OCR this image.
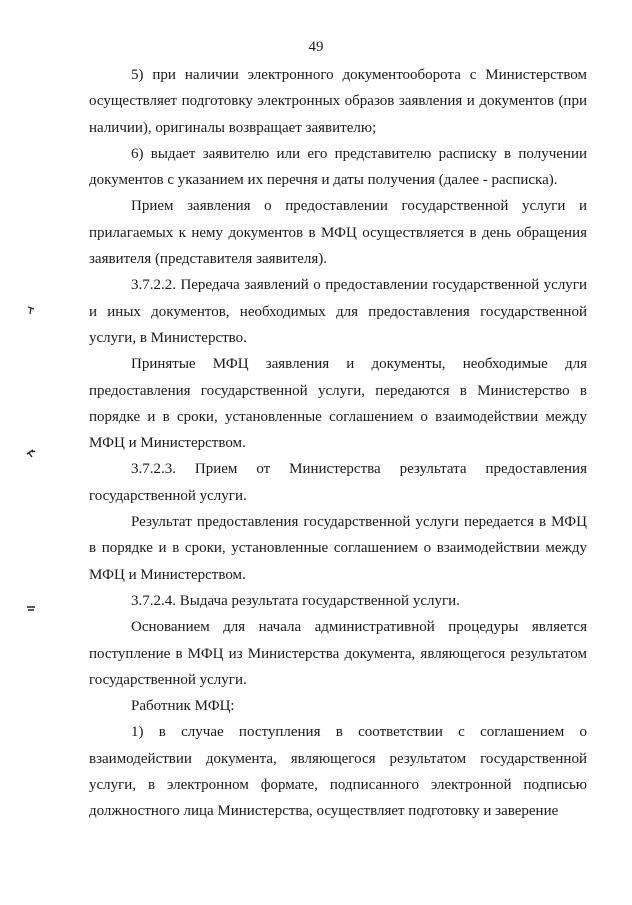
49

5) при наличии электронного документооборота с Министерством осуществляет подготовку электронных образов заявления и документов (при наличии), оригиналы возвращает заявителю;

6) выдает заявителю или его представителю расписку в получении документов с указанием их перечня и даты получения (далее - расписка).

Прием заявления о предоставлении государственной услуги и прилагаемых к нему документов в МФЦ осуществляется в день обращения заявителя (представителя заявителя).

3.7.2.2. Передача заявлений о предоставлении государственной услуги и иных документов, необходимых для предоставления государственной услуги, в Министерство.

Принятые МФЦ заявления и документы, необходимые для предоставления государственной услуги, передаются в Министерство в порядке и в сроки, установленные соглашением о взаимодействии между МФЦ и Министерством.

3.7.2.3. Прием от Министерства результата предоставления государственной услуги.

Результат предоставления государственной услуги передается в МФЦ в порядке и в сроки, установленные соглашением о взаимодействии между МФЦ и Министерством.

3.7.2.4. Выдача результата государственной услуги.

Основанием для начала административной процедуры является поступление в МФЦ из Министерства документа, являющегося результатом государственной услуги.

Работник МФЦ:

1) в случае поступления в соответствии с соглашением о взаимодействии документа, являющегося результатом государственной услуги, в электронном формате, подписанного электронной подписью должностного лица Министерства, осуществляет подготовку и заверение
